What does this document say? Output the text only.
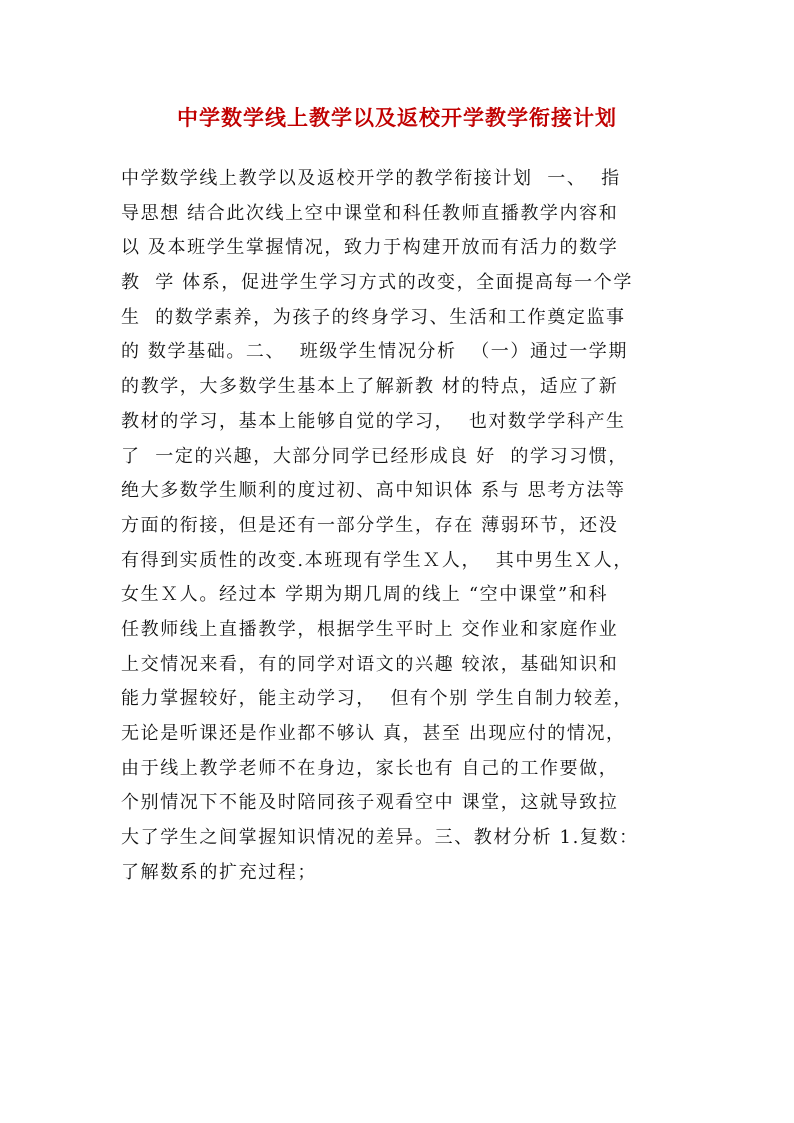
中学数学线上教学以及返校开学教学衔接计划
中学数学线上教学以及返校开学的教学衔接计划  一、  指
导思想 结合此次线上空中课堂和科任教师直播教学内容和
以 及本班学生掌握情况，致力于构建开放而有活力的数学
教  学 体系，促进学生学习方式的改变，全面提高每一个学
生  的数学素养，为孩子的终身学习、生活和工作奠定监事
的 数学基础。二、  班级学生情况分析  （一）通过一学期
的教学，大多数学生基本上了解新教 材的特点，适应了新
教材的学习，基本上能够自觉的学习，  也对数学学科产生
了  一定的兴趣，大部分同学已经形成良 好  的学习习惯，
绝大多数学生顺利的度过初、高中知识体 系与 思考方法等
方面的衔接，但是还有一部分学生，存在 薄弱环节，还没
有得到实质性的改变.本班现有学生Ｘ人，  其中男生Ｘ人，
女生Ｘ人。经过本 学期为期几周的线上 “空中课堂”和科
任教师线上直播教学，根据学生平时上 交作业和家庭作业
上交情况来看，有的同学对语文的兴趣 较浓，基础知识和
能力掌握较好，能主动学习，  但有个别 学生自制力较差，
无论是听课还是作业都不够认 真，甚至 出现应付的情况，
由于线上教学老师不在身边，家长也有 自己的工作要做，
个别情况下不能及时陪同孩子观看空中 课堂，这就导致拉
大了学生之间掌握知识情况的差异。三、教材分析 1.复数：
了解数系的扩充过程；
